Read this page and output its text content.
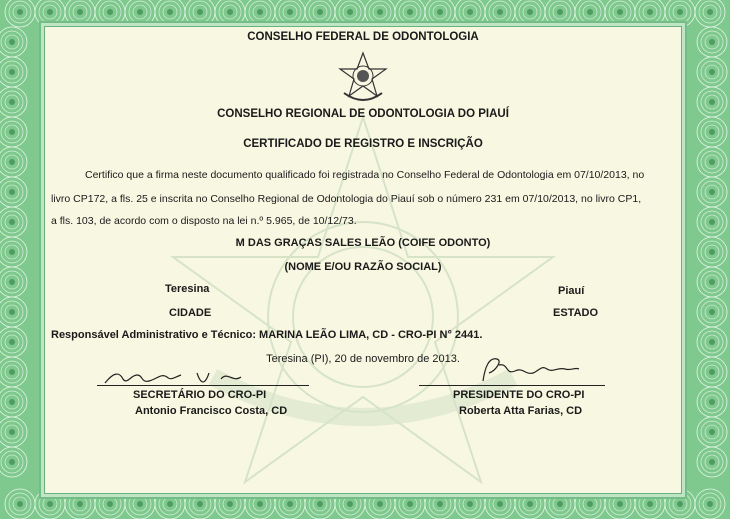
CONSELHO FEDERAL DE ODONTOLOGIA
CONSELHO REGIONAL DE ODONTOLOGIA DO PIAUÍ
CERTIFICADO DE REGISTRO E INSCRIÇÃO
Certifico que a firma neste documento qualificado foi registrada no Conselho Federal de Odontologia em 07/10/2013, no
livro CP172, a fls. 25 e inscrita no Conselho Regional de Odontologia do Piauí sob o número 231 em 07/10/2013, no livro CP1,
a fls. 103, de acordo com o disposto na lei n.º 5.965, de 10/12/73.
M DAS GRAÇAS SALES LEÃO (COIFE ODONTO)
(NOME E/OU RAZÃO SOCIAL)
Teresina
CIDADE
Piauí
ESTADO
Responsável Administrativo e Técnico: MARINA LEÃO LIMA, CD - CRO-PI N° 2441.
Teresina (PI), 20 de novembro de 2013.
SECRETÁRIO DO CRO-PI
Antonio Francisco Costa, CD
PRESIDENTE DO CRO-PI
Roberta Atta Farias, CD
